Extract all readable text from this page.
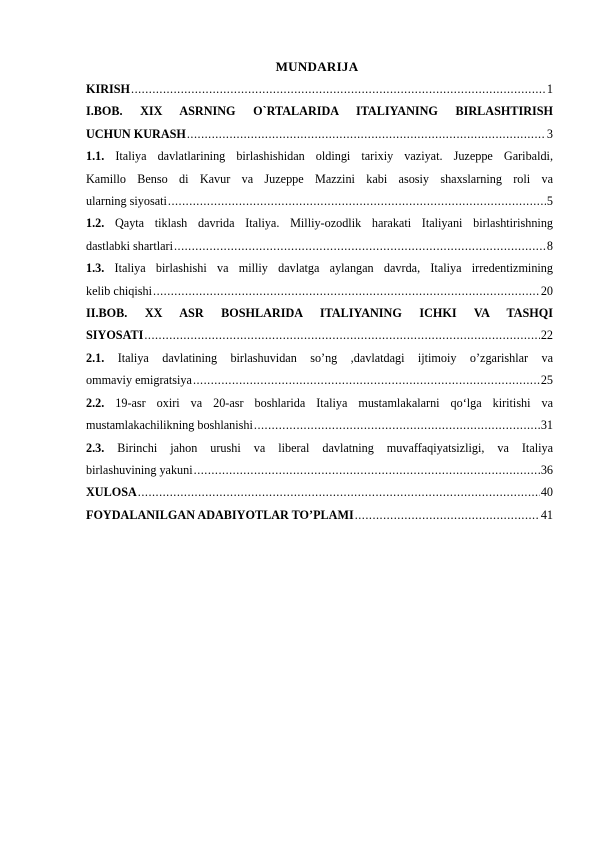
MUNDARIJA
KIRISH .....	1
I.BOB. XIX ASRNING O`RTALARIDA ITALIYANING BIRLASHTIRISH
UCHUN KURASH .....	3
1.1. Italiya davlatlarining birlashishidan oldingi tarixiy vaziyat. Juzeppe Garibaldi,
Kamillo Benso di Kavur va Juzeppe Mazzini kabi asosiy shaxslarning roli va
ularning siyosati .....	5
1.2. Qayta tiklash davrida Italiya. Milliy-ozodlik harakati Italiyani birlashtirishning
dastlabki shartlari .....	8
1.3. Italiya birlashishi va milliy davlatga aylangan davrda, Italiya irredentizmining
kelib chiqishi .....	20
II.BOB. XX ASR BOSHLARIDA ITALIYANING ICHKI VA TASHQI
SIYOSATI .....	22
2.1. Italiya davlatining birlashuvidan so’ng ,davlatdagi ijtimoiy o’zgarishlar va
ommaviy emigratsiya .....	25
2.2. 19-asr oxiri va 20-asr boshlarida Italiya mustamlakalarni qo‘lga kiritishi va
mustamlakachilikning boshlanishi .....	31
2.3. Birinchi jahon urushi va liberal davlatning muvaffaqiyatsizligi, va Italiya
birlashuvining yakuni .....	36
XULOSA .....	40
FOYDALANILGAN ADABIYOTLAR TO’PLAMI .....	41
